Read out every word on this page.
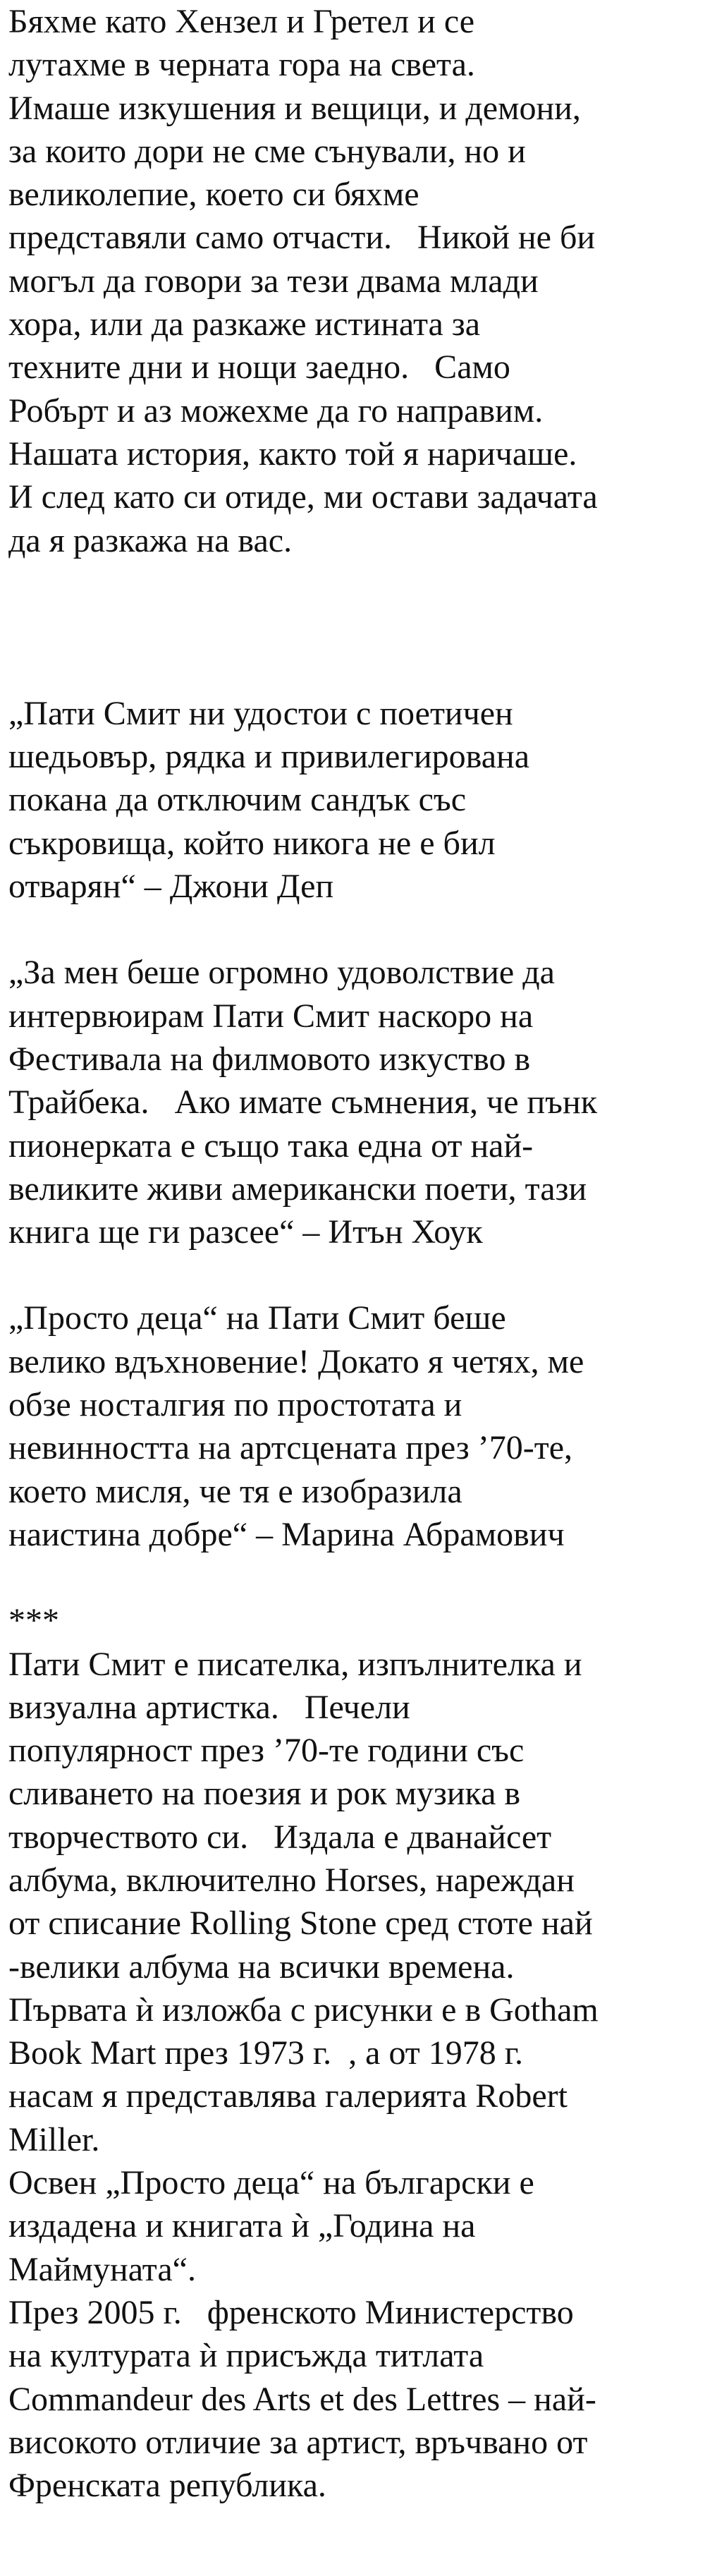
Бяхме като Хензел и Гретел и се
лутахме в черната гора на света.
Имаше изкушения и вещици, и демони,
за които дори не сме сънували, но и
великолепие, което си бяхме
представяли само отчасти.   Никой не би
могъл да говори за тези двама млади
хора, или да разкаже истината за
техните дни и нощи заедно.   Само
Робърт и аз можехме да го направим.
Нашата история, както той я наричаше.
И след като си отиде, ми остави задачата
да я разкажа на вас.
„Пати Смит ни удостои с поетичен
шедьовър, рядка и привилегирована
покана да отключим сандък със
съкровища, който никога не е бил
отварян“ – Джони Деп
„За мен беше огромно удоволствие да
интервюирам Пати Смит наскоро на
Фестивала на филмовото изкуство в
Трайбека.   Ако имате съмнения, че пънк
пионерката е също така една от най-
великите живи американски поети, тази
книга ще ги разсее“ – Итън Хоук
„Просто деца“ на Пати Смит беше
велико вдъхновение! Докато я четях, ме
обзе носталгия по простотата и
невинността на артсцената през ’70-те,
което мисля, че тя е изобразила
наистина добре“ – Марина Абрамович
***
Пати Смит е писателка, изпълнителка и
визуална артистка.   Печели
популярност през ’70-те години със
сливането на поезия и рок музика в
творчеството си.   Издала е дванайсет
албума, включително Horses, нареждан
от списание Rolling Stone сред стоте най
-велики албума на всички времена.
Първата ѝ изложба с рисунки е в Gotham
Book Mart през 1973 г.  , а от 1978 г.
насам я представлява галерията Robert
Miller.
Освен „Просто деца“ на български е
издадена и книгата ѝ „Година на
Маймуната“.
През 2005 г.   френското Министерство
на културата ѝ присъжда титлата
Commandeur des Arts et des Lettres – най-
високото отличие за артист, връчвано от
Френската република.
